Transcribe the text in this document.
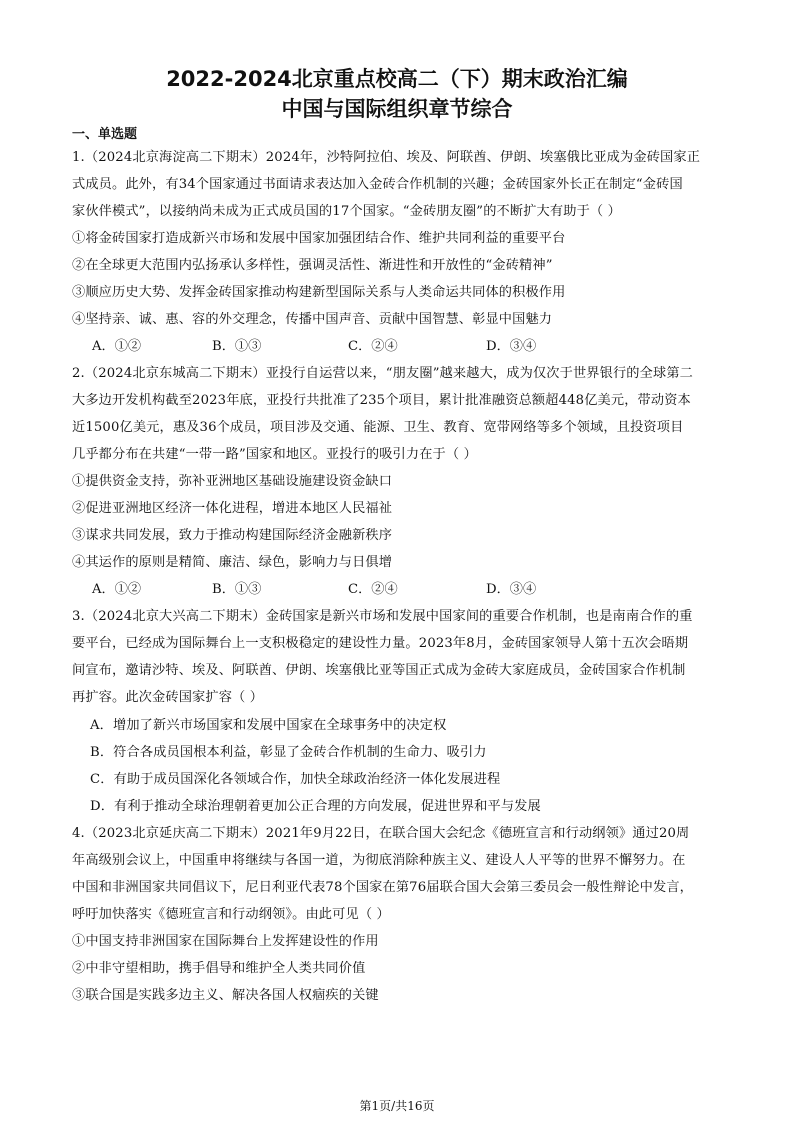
2022-2024北京重点校高二（下）期末政治汇编
中国与国际组织章节综合
一、单选题
1.（2024北京海淀高二下期末）2024年，沙特阿拉伯、埃及、阿联酋、伊朗、埃塞俄比亚成为金砖国家正
式成员。此外，有34个国家通过书面请求表达加入金砖合作机制的兴趣；金砖国家外长正在制定“金砖国
家伙伴模式”，以接纳尚未成为正式成员国的17个国家。“金砖朋友圈”的不断扩大有助于（ ）
①将金砖国家打造成新兴市场和发展中国家加强团结合作、维护共同利益的重要平台
②在全球更大范围内弘扬承认多样性，强调灵活性、渐进性和开放性的“金砖精神”
③顺应历史大势、发挥金砖国家推动构建新型国际关系与人类命运共同体的积极作用
④坚持亲、诚、惠、容的外交理念，传播中国声音、贡献中国智慧、彰显中国魅力
A．①②	B．①③	C．②④	D．③④
2.（2024北京东城高二下期末）亚投行自运营以来，“朋友圈”越来越大，成为仅次于世界银行的全球第二
大多边开发机构截至2023年底，亚投行共批准了235个项目，累计批准融资总额超448亿美元，带动资本
近1500亿美元，惠及36个成员，项目涉及交通、能源、卫生、教育、宽带网络等多个领域，且投资项目
几乎都分布在共建“一带一路”国家和地区。亚投行的吸引力在于（ ）
①提供资金支持，弥补亚洲地区基础设施建设资金缺口
②促进亚洲地区经济一体化进程，增进本地区人民福祉
③谋求共同发展，致力于推动构建国际经济金融新秩序
④其运作的原则是精简、廉洁、绿色，影响力与日俱增
A．①②	B．①③	C．②④	D．③④
3.（2024北京大兴高二下期末）金砖国家是新兴市场和发展中国家间的重要合作机制，也是南南合作的重
要平台，已经成为国际舞台上一支积极稳定的建设性力量。2023年8月，金砖国家领导人第十五次会晤期
间宣布，邀请沙特、埃及、阿联酋、伊朗、埃塞俄比亚等国正式成为金砖大家庭成员，金砖国家合作机制
再扩容。此次金砖国家扩容（ ）
A．增加了新兴市场国家和发展中国家在全球事务中的决定权
B．符合各成员国根本利益，彰显了金砖合作机制的生命力、吸引力
C．有助于成员国深化各领域合作，加快全球政治经济一体化发展进程
D．有利于推动全球治理朝着更加公正合理的方向发展，促进世界和平与发展
4.（2023北京延庆高二下期末）2021年9月22日，在联合国大会纪念《德班宣言和行动纲领》通过20周
年高级别会议上，中国重申将继续与各国一道，为彻底消除种族主义、建设人人平等的世界不懈努力。在
中国和非洲国家共同倡议下，尼日利亚代表78个国家在第76届联合国大会第三委员会一般性辩论中发言，
呼吁加快落实《德班宣言和行动纲领》。由此可见（ ）
①中国支持非洲国家在国际舞台上发挥建设性的作用
②中非守望相助，携手倡导和维护全人类共同价值
③联合国是实践多边主义、解决各国人权痼疾的关键
第1页/共16页
